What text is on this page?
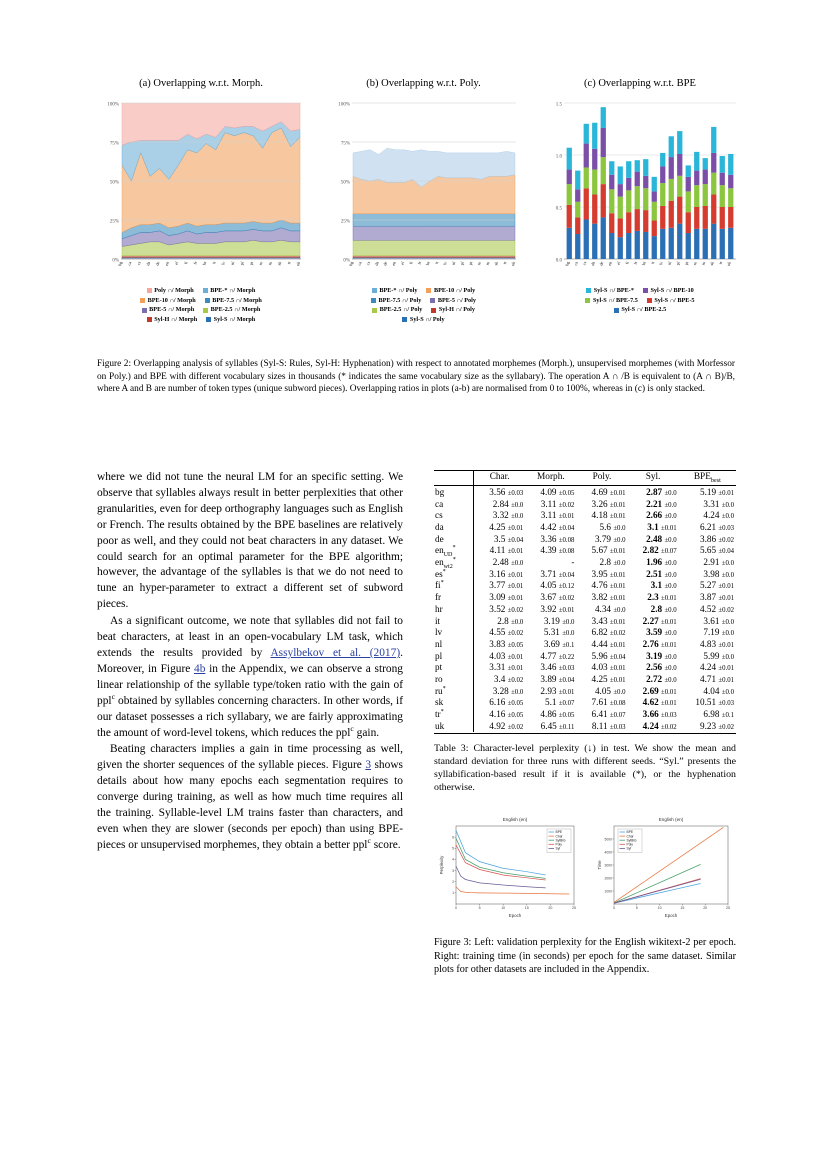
(a) Overlapping w.r.t. Morph.
100%
75%
50%
25%
0%
bg ca cs da de en el fi fr hr it lv nl pl pt ro ru sk tr uk
Poly ∩/ Morph	BPE-* ∩/ Morph
BPE-10 ∩/ Morph	BPE-7.5 ∩/ Morph
BPE-5 ∩/ Morph	BPE-2.5 ∩/ Morph
Syl-H ∩/ Morph	Syl-S ∩/ Morph
(b) Overlapping w.r.t. Poly.
100%
75%
50%
25%
0%
bg ca cs da de en el fi fr hr it lv nl pl pt ro ru sk tr uk
BPE-* ∩/ Poly	BPE-10 ∩/ Poly
BPE-7.5 ∩/ Poly	BPE-5 ∩/ Poly
BPE-2.5 ∩/ Poly	Syl-H ∩/ Poly
Syl-S ∩/ Poly
(c) Overlapping w.r.t. BPE
1.5
1.0
0.5
0.0 bg ca cs da de en el fi fr hr it lv nl pl pt ro ru sk tr uk
Syl-S ∩/ BPE-*	Syl-S ∩/ BPE-10
Syl-S ∩/ BPE-7.5	Syl-S ∩/ BPE-5
Syl-S ∩/ BPE-2.5
Figure 2: Overlapping analysis of syllables (Syl-S: Rules, Syl-H: Hyphenation) with respect to annotated morphemes (Morph.), unsupervised morphemes (with Morfessor on Poly.) and BPE with different vocabulary sizes in thousands (* indicates the same vocabulary size as the syllabary). The operation A ∩ /B is equivalent to (A ∩ B)/B, where A and B are number of token types (unique subword pieces). Overlapping ratios in plots (a-b) are normalised from 0 to 100%, whereas in (c) is only stacked.

where we did not tune the neural LM for an specific setting. We observe that syllables always result in better perplexities that other granularities, even for deep orthography languages such as English or French. The results obtained by the BPE baselines are relatively poor as well, and they could not beat characters in any dataset. We could search for an optimal parameter for the BPE algorithm; however, the advantage of the syllables is that we do not need to tune an hyper-parameter to extract a different set of subword pieces.

As a significant outcome, we note that syllables did not fail to beat characters, at least in an open-vocabulary LM task, which extends the results provided by Assylbekov et al. (2017). Moreover, in Figure 4b in the Appendix, we can observe a strong linear relationship of the syllable type/token ratio with the gain of ppl$^c$ obtained by syllables concerning characters. In other words, if our dataset possesses a rich syllabary, we are fairly approximating the amount of word-level tokens, which reduces the ppl$^c$ gain.

Beating characters implies a gain in time processing as well, given the shorter sequences of the syllable pieces. Figure 3 shows details about how many epochs each segmentation requires to converge during training, as well as how much time requires all the training. Syllable-level LM trains faster than characters, and even when they are slower (seconds per epoch) than using BPE-pieces or unsupervised morphemes, they obtain a better ppl$^c$ score.

	Char.	Morph.	Poly.	Syl.	$BPE_{best}$
bg	3.56 ±0.03	4.09 ±0.05	4.69 ±0.01	2.87 ±0.0	5.19 ±0.01
ca	2.84 ±0.0	3.11 ±0.02	3.26 ±0.01	2.21 ±0.0	3.31 ±0.0
cs	3.32 ±0.0	3.11 ±0.01	4.18 ±0.01	2.66 ±0.0	4.24 ±0.0
da	4.25 ±0.01	4.42 ±0.04	5.6 ±0.0	3.1 ±0.01	6.21 ±0.03
de	3.5 ±0.04	3.36 ±0.08	3.79 ±0.0	2.48 ±0.0	3.86 ±0.02
$en_{UD}^*$	4.11 ±0.01	4.39 ±0.08	5.67 ±0.01	2.82 ±0.07	5.65 ±0.04
$en_{wt2}^*$	2.48 ±0.0	-	2.8 ±0.0	1.96 ±0.0	2.91 ±0.0
es*	3.16 ±0.01	3.71 ±0.04	3.95 ±0.01	2.51 ±0.0	3.98 ±0.0
fi*	3.77 ±0.01	4.05 ±0.12	4.76 ±0.01	3.1 ±0.0	5.27 ±0.01
fr	3.09 ±0.01	3.67 ±0.02	3.82 ±0.01	2.3 ±0.01	3.87 ±0.01
hr	3.52 ±0.02	3.92 ±0.01	4.34 ±0.0	2.8 ±0.0	4.52 ±0.02
it	2.8 ±0.0	3.19 ±0.0	3.43 ±0.01	2.27 ±0.01	3.61 ±0.0
lv	4.55 ±0.02	5.31 ±0.0	6.82 ±0.02	3.59 ±0.0	7.19 ±0.0
nl	3.83 ±0.05	3.69 ±0.1	4.44 ±0.01	2.76 ±0.01	4.83 ±0.01
pl	4.03 ±0.01	4.77 ±0.22	5.96 ±0.04	3.19 ±0.0	5.99 ±0.0
pt	3.31 ±0.01	3.46 ±0.03	4.03 ±0.01	2.56 ±0.0	4.24 ±0.01
ro	3.4 ±0.02	3.89 ±0.04	4.25 ±0.01	2.72 ±0.0	4.71 ±0.01
ru*	3.28 ±0.0	2.93 ±0.01	4.05 ±0.0	2.69 ±0.01	4.04 ±0.0
sk	6.16 ±0.05	5.1 ±0.07	7.61 ±0.08	4.62 ±0.01	10.51 ±0.03
tr*	4.16 ±0.05	4.86 ±0.05	6.41 ±0.07	3.66 ±0.03	6.98 ±0.1
uk	4.92 ±0.02	6.45 ±0.11	8.11 ±0.03	4.24 ±0.02	9.23 ±0.02
Table 3: Character-level perplexity (↓) in test. We show the mean and standard deviation for three runs with different seeds. “Syl.” presents the syllabification-based result if it is available (*), or the hyphenation otherwise.
English (en)
Epoch
Perplexity
0	5	10	15	20	25
1
2
3
4
5
6
BPE
Char
SylBiG
Poly
Syl
English (en)
Epoch
Time
0	5	10	15	20	25
1000
2000
3000
4000
5000
BPE
Char
SylBiG
Poly
Syl
Figure 3: Left: validation perplexity for the English wikitext-2 per epoch. Right: training time (in seconds) per epoch for the same dataset. Similar plots for other datasets are included in the Appendix.
